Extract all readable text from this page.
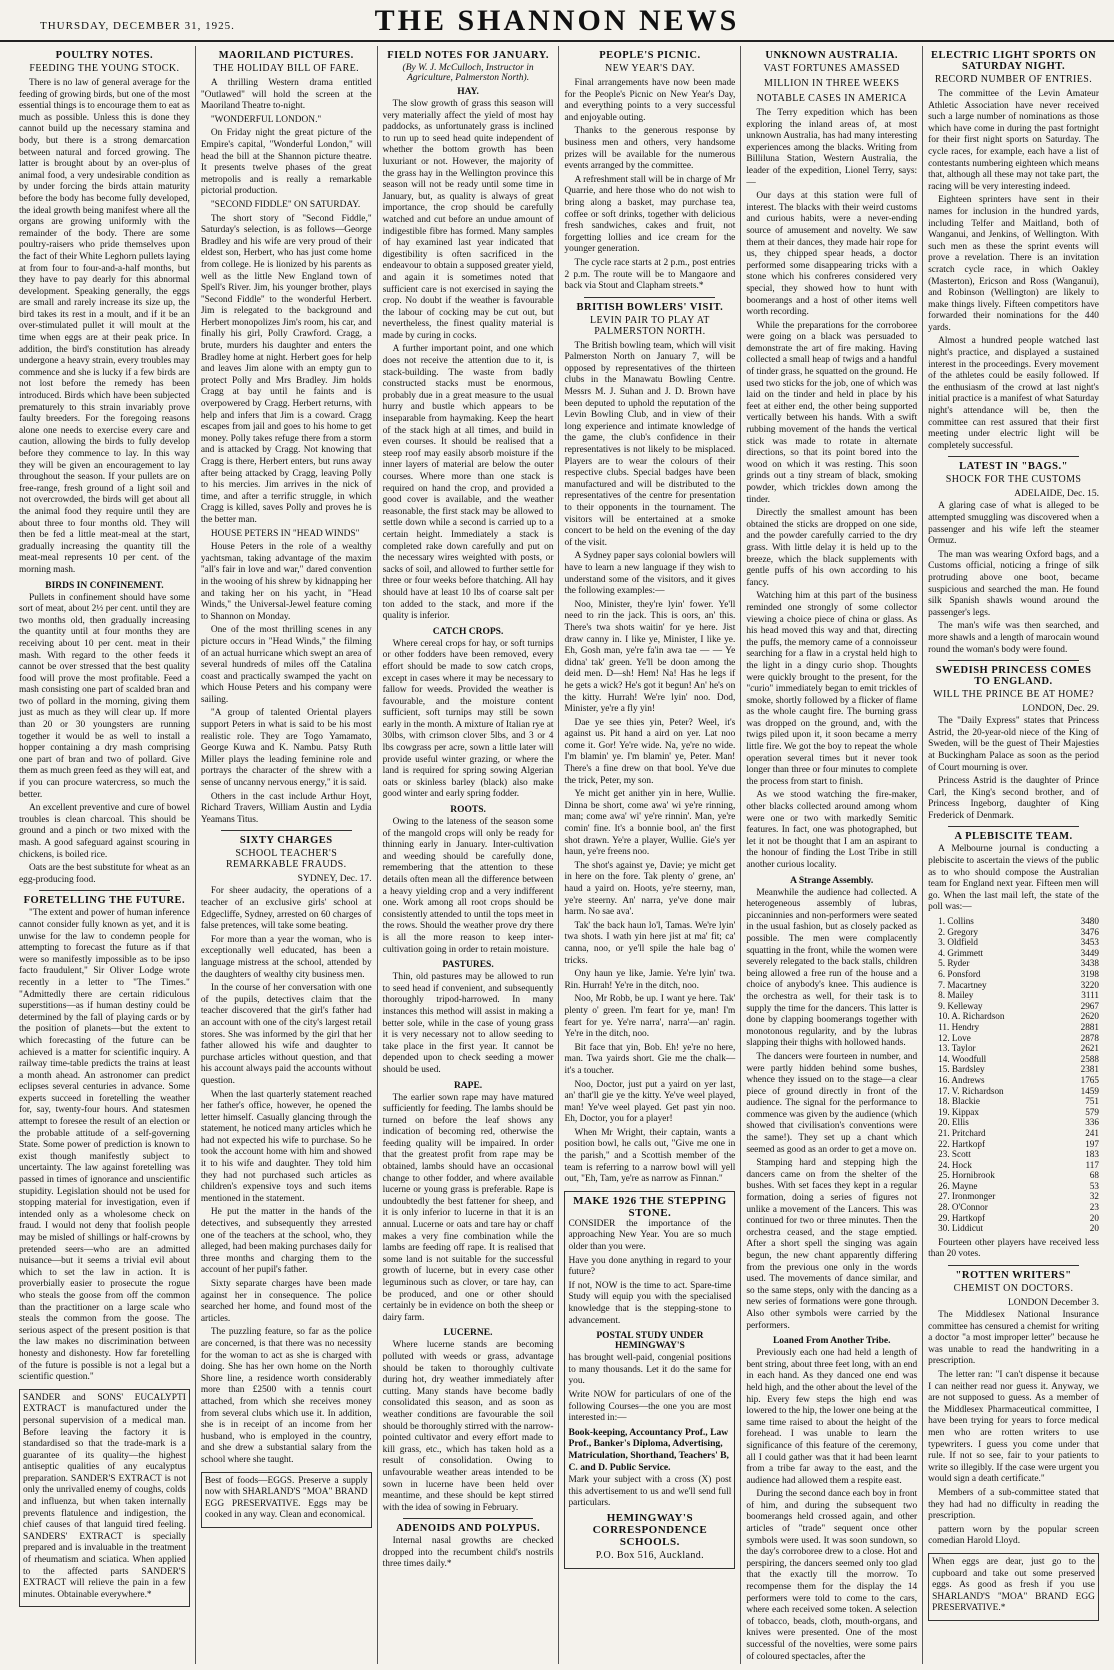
THURSDAY, DECEMBER 31, 1925.	THE SHANNON NEWS
POULTRY NOTES.
FEEDING THE YOUNG STOCK.

There is no law of general average for the feeding of growing birds, but one of the most essential things is to encourage them to eat as much as possible. Unless this is done they cannot build up the necessary stamina and body, but there is a strong demarcation between natural and forced growing. The latter is brought about by an over-plus of animal food, a very undesirable condition as by under forcing the birds attain maturity before the body has become fully developed, the ideal growth being manifest where all the organs are growing uniformly with the remainder of the body. There are some poultry-raisers who pride themselves upon the fact of their White Leghorn pullets laying at from four to four-and-a-half months, but they have to pay dearly for this abnormal development. Speaking generally, the eggs are small and rarely increase its size up, the bird takes its rest in a moult, and if it be an over-stimulated pullet it will moult at the time when eggs are at their peak price. In addition, the bird's constitution has already undergone a heavy strain, every troubles may commence and she is lucky if a few birds are not lost before the remedy has been introduced. Birds which have been subjected prematurely to this strain invariably prove faulty breeders. For the foregoing reasons alone one needs to exercise every care and caution, allowing the birds to fully develop before they commence to lay. In this way they will be given an encouragement to lay throughout the season. If your pullets are on free-range, fresh ground of a light soil and not overcrowded, the birds will get about all the animal food they require until they are about three to four months old. They will then be fed a little meat-meal at the start, gradually increasing the quantity till the meat-meal represents 10 per cent. of the morning mash.

BIRDS IN CONFINEMENT.

Pullets in confinement should have some sort of meat, about 2½ per cent. until they are two months old, then gradually increasing the quantity until at four months they are receiving about 10 per cent. meat in their mash. With regard to the other feeds it cannot be over stressed that the best quality food will prove the most profitable. Feed a mash consisting one part of scalded bran and two of pollard in the morning, giving them just as much as they will clear up. If more than 20 or 30 youngsters are running together it would be as well to install a hopper containing a dry mash comprising one part of bran and two of pollard. Give them as much green feed as they will eat, and if you can procure watercress, so much the better.

An excellent preventive and cure of bowel troubles is clean charcoal. This should be ground and a pinch or two mixed with the mash. A good safeguard against scouring in chickens, is boiled rice.

Oats are the best substitute for wheat as an egg-producing food.

FORETELLING THE FUTURE.

"The extent and power of human inference cannot consider fully known as yet, and it is unwise for the law to condemn people for attempting to forecast the future as if that were so manifestly impossible as to be ipso facto fraudulent," Sir Oliver Lodge wrote recently in a letter to "The Times." "Admittedly there are certain ridiculous superstitions—as if human destiny could be determined by the fall of playing cards or by the position of planets—but the extent to which forecasting of the future can be achieved is a matter for scientific inquiry. A railway time-table predicts the trains at least a month ahead. An astronomer can predict eclipses several centuries in advance. Some experts succeed in foretelling the weather for, say, twenty-four hours. And statesmen attempt to foresee the result of an election or the probable attitude of a self-governing State. Some power of prediction is known to exist though manifestly subject to uncertainty. The law against foretelling was passed in times of ignorance and unscientific stupidity. Legislation should not be used for stopping material for investigation, even if intended only as a wholesome check on fraud. I would not deny that foolish people may be misled of shillings or half-crowns by pretended seers—who are an admitted nuisance—but it seems a trivial evil about which to set the law in action. It is proverbially easier to prosecute the rogue who steals the goose from off the common than the practitioner on a large scale who steals the common from the goose. The serious aspect of the present position is that the law makes no discrimination between honesty and dishonesty. How far foretelling of the future is possible is not a legal but a scientific question."

SANDER and SONS' EUCALYPTI EXTRACT is manufactured under the personal supervision of a medical man. Before leaving the factory it is standardised so that the trade-mark is a guarantee of its quality—the highest antiseptic qualities of any eucalyptus preparation. SANDER'S EXTRACT is not only the unrivalled enemy of coughs, colds and influenza, but when taken internally prevents flatulence and indigestion, the chief causes of that languid tired feeling. SANDERS' EXTRACT is specially prepared and is invaluable in the treatment of rheumatism and sciatica. When applied to the affected parts SANDER'S EXTRACT will relieve the pain in a few minutes. Obtainable everywhere.*

MAORILAND PICTURES.
THE HOLIDAY BILL OF FARE.

A thrilling Western drama entitled "Outlawed" will hold the screen at the Maoriland Theatre to-night.

"WONDERFUL LONDON."

On Friday night the great picture of the Empire's capital, "Wonderful London," will head the bill at the Shannon picture theatre. It presents twelve phases of the great metropolis and is really a remarkable pictorial production.

"SECOND FIDDLE" ON SATURDAY.

The short story of "Second Fiddle," Saturday's selection, is as follows—George Bradley and his wife are very proud of their eldest son, Herbert, who has just come home from college. He is lionized by his parents as well as the little New England town of Spell's River. Jim, his younger brother, plays "Second Fiddle" to the wonderful Herbert. Jim is relegated to the background and Herbert monopolizes Jim's room, his car, and finally his girl, Polly Crawford. Cragg, a brute, murders his daughter and enters the Bradley home at night. Herbert goes for help and leaves Jim alone with an empty gun to protect Polly and Mrs Bradley. Jim holds Cragg at bay until he faints and is overpowered by Cragg. Herbert returns, with help and infers that Jim is a coward. Cragg escapes from jail and goes to his home to get money. Polly takes refuge there from a storm and is attacked by Cragg. Not knowing that Cragg is there, Herbert enters, but runs away after being attacked by Cragg, leaving Polly to his mercies. Jim arrives in the nick of time, and after a terrific struggle, in which Cragg is killed, saves Polly and proves he is the better man.

HOUSE PETERS IN "HEAD WINDS"

House Peters in the role of a wealthy yachtsman, taking advantage of the maxim "all's fair in love and war," dared convention in the wooing of his shrew by kidnapping her and taking her on his yacht, in "Head Winds," the Universal-Jewel feature coming to Shannon on Monday.

One of the most thrilling scenes in any picture occurs in "Head Winds," the filming of an actual hurricane which swept an area of several hundreds of miles off the Catalina coast and practically swamped the yacht on which House Peters and his company were sailing.

"A group of talented Oriental players support Peters in what is said to be his most realistic role. They are Togo Yamamato, George Kuwa and K. Nambu. Patsy Ruth Miller plays the leading feminine role and portrays the character of the shrew with a sense of uncanny nervous energy," it is said.

Others in the cast include Arthur Hoyt, Richard Travers, William Austin and Lydia Yeamans Titus.

SIXTY CHARGES
SCHOOL TEACHER'S REMARKABLE FRAUDS.
SYDNEY, Dec. 17.

For sheer audacity, the operations of a teacher of an exclusive girls' school at Edgecliffe, Sydney, arrested on 60 charges of false pretences, will take some beating.

For more than a year the woman, who is exceptionally well educated, has been a language mistress at the school, attended by the daughters of wealthy city business men.

In the course of her conversation with one of the pupils, detectives claim that the teacher discovered that the girl's father had an account with one of the city's largest retail stores. She was informed by the girl that her father allowed his wife and daughter to purchase articles without question, and that his account always paid the accounts without question.

When the last quarterly statement reached her father's office, however, he opened the letter himself. Casually glancing through the statement, he noticed many articles which he had not expected his wife to purchase. So he took the account home with him and showed it to his wife and daughter. They told him they had not purchased such articles as children's expensive toys and such items mentioned in the statement.

He put the matter in the hands of the detectives, and subsequently they arrested one of the teachers at the school, who, they alleged, had been making purchases daily for three months and charging them to the account of her pupil's father.

Sixty separate charges have been made against her in consequence. The police searched her home, and found most of the articles.

The puzzling feature, so far as the police are concerned, is that there was no necessity for the woman to act as she is charged with doing. She has her own home on the North Shore line, a residence worth considerably more than £2500 with a tennis court attached, from which she receives money from several clubs which use it. In addition, she is in receipt of an income from her husband, who is employed in the country, and she drew a substantial salary from the school where she taught.

Best of foods—EGGS. Preserve a supply now with SHARLAND'S "MOA" BRAND EGG PRESERVATIVE. Eggs may be cooked in any way. Clean and economical.

FIELD NOTES FOR JANUARY.
(By W. J. McCulloch, Instructor in Agriculture, Palmerston North).
HAY.

The slow growth of grass this season will very materially affect the yield of most hay paddocks, as unfortunately grass is inclined to run up to seed head quite independent of whether the bottom growth has been luxuriant or not. However, the majority of the grass hay in the Wellington province this season will not be ready until some time in January, but, as quality is always of great importance, the crop should be carefully watched and cut before an undue amount of indigestible fibre has formed. Many samples of hay examined last year indicated that digestibility is often sacrificed in the endeavour to obtain a supposed greater yield, and again it is sometimes noted that sufficient care is not exercised in saying the crop. No doubt if the weather is favourable the labour of cocking may be cut out, but nevertheless, the finest quality material is made by curing in cocks.

A further important point, and one which does not receive the attention due to it, is stack-building. The waste from badly constructed stacks must be enormous, probably due in a great measure to the usual hurry and bustle which appears to be inseparable from haymaking. Keep the heart of the stack high at all times, and build in even courses. It should be realised that a steep roof may easily absorb moisture if the inner layers of material are below the outer courses. Where more than one stack is required on hand the crop, and provided a good cover is available, and the weather reasonable, the first stack may be allowed to settle down while a second is carried up to a certain height. Immediately a stack is completed rake down carefully and put on the necessary wires weighted with posts, or sacks of soil, and allowed to further settle for three or four weeks before thatching. All hay should have at least 10 lbs of coarse salt per ton added to the stack, and more if the quality is inferior.

CATCH CROPS.

Where cereal crops for hay, or soft turnips or other fodders have been removed, every effort should be made to sow catch crops, except in cases where it may be necessary to fallow for weeds. Provided the weather is favourable, and the moisture content sufficient, soft turnips may still be sown early in the month. A mixture of Italian rye at 30lbs, with crimson clover 5lbs, and 3 or 4 lbs cowgrass per acre, sown a little later will provide useful winter grazing, or where the land is required for spring sowing Algerian oats or skinless barley (black) also make good winter and early spring fodder.

ROOTS.

Owing to the lateness of the season some of the mangold crops will only be ready for thinning early in January. Inter-cultivation and weeding should be carefully done, remembering that the attention to these details often mean all the difference between a heavy yielding crop and a very indifferent one. Work among all root crops should be consistently attended to until the tops meet in the rows. Should the weather prove dry there is all the more reason to keep inter-cultivation going in order to retain moisture.

PASTURES.

Thin, old pastures may be allowed to run to seed head if convenient, and subsequently thoroughly tripod-harrowed. In many instances this method will assist in making a better sole, while in the case of young grass it is very necessary not to allow seeding to take place in the first year. It cannot be depended upon to check seeding a mower should be used.

RAPE.

The earlier sown rape may have matured sufficiently for feeding. The lambs should be turned on before the leaf shows any indication of becoming red, otherwise the feeding quality will be impaired. In order that the greatest profit from rape may be obtained, lambs should have an occasional change to other fodder, and where available lucerne or young grass is preferable. Rape is undoubtedly the best fattener for sheep, and it is only inferior to lucerne in that it is an annual. Lucerne or oats and tare hay or chaff makes a very fine combination while the lambs are feeding off rape. It is realised that some land is not suitable for the successful growth of lucerne, but in every case other leguminous such as clover, or tare hay, can be produced, and one or other should certainly be in evidence on both the sheep or dairy farm.

LUCERNE.

Where lucerne stands are becoming polluted with weeds or grass, advantage should be taken to thoroughly cultivate during hot, dry weather immediately after cutting. Many stands have become badly consolidated this season, and as soon as weather conditions are favourable the soil should be thoroughly stirred with the narrow-pointed cultivator and every effort made to kill grass, etc., which has taken hold as a result of consolidation. Owing to unfavourable weather areas intended to be sown in lucerne have been held over meantime, and these should be kept stirred with the idea of sowing in February.

ADENOIDS AND POLYPUS.

Internal nasal growths are checked dropped into the recumbent child's nostrils three times daily.*

PEOPLE'S PICNIC.
NEW YEAR'S DAY.

Final arrangements have now been made for the People's Picnic on New Year's Day, and everything points to a very successful and enjoyable outing.

Thanks to the generous response by business men and others, very handsome prizes will be available for the numerous events arranged by the committee.

A refreshment stall will be in charge of Mr Quarrie, and here those who do not wish to bring along a basket, may purchase tea, coffee or soft drinks, together with delicious fresh sandwiches, cakes and fruit, not forgetting lollies and ice cream for the younger generation.

The cycle race starts at 2 p.m., post entries 2 p.m. The route will be to Mangaore and back via Stout and Clapham streets.*

BRITISH BOWLERS' VISIT.
LEVIN PAIR TO PLAY AT PALMERSTON NORTH.

The British bowling team, which will visit Palmerston North on January 7, will be opposed by representatives of the thirteen clubs in the Manawatu Bowling Centre. Messrs M. J. Suhan and J. D. Brown have been deputed to uphold the reputation of the Levin Bowling Club, and in view of their long experience and intimate knowledge of the game, the club's confidence in their representatives is not likely to be misplaced. Players are to wear the colours of their respective clubs. Special badges have been manufactured and will be distributed to the representatives of the centre for presentation to their opponents in the tournament. The visitors will be entertained at a smoke concert to be held on the evening of the day of the visit.

A Sydney paper says colonial bowlers will have to learn a new language if they wish to understand some of the visitors, and it gives the following examples:—

Noo, Minister, they're lyin' fower. Ye'll need to rin the jack. This is oors, an' this. There's twa shots waitin' for ye here. Jist draw canny in. I like ye, Minister, I like ye. Eh, Gosh man, ye're fa'in awa tae — — Ye didna' tak' green. Ye'll be doon among the deid men. D—sh! Hem! Na! Has he legs if he gets a wick? He's got it begun! An' he's on the kitty. Hurrah! We're lyin' noo. Dod, Minister, ye're a fly yin!

Dae ye see thies yin, Peter? Weel, it's against us. Pit hand a aird on yer. Lat noo come it. Gor! Ye're wide. Na, ye're no wide. I'm blamin' ye. I'm blamin' ye, Peter. Man! There's a fine drew on that bool. Ye've due the trick, Peter, my son.

Ye micht get anither yin in here, Wullie. Dinna be short, come awa' wi ye're rinning, man; come awa' wi' ye're rinnin'. Man, ye're comin' fine. It's a bonnie bool, an' the first shot drawn. Ye're a player, Wullie. Gie's yer haun, ye're freens noo.

The shot's against ye, Davie; ye micht get in here on the fore. Tak plenty o' grene, an' haud a yaird on. Hoots, ye're steerny, man, ye're steerny. An' narra, ye've done mair harm. No sae ava'.

Tak' the back haun lo'l, Tamas. We're lyin' twa shots. I wath yin here jist at ma' fit; ca' canna, noo, or ye'll spile the hale bag o' tricks.

Ony haun ye like, Jamie. Ye're lyin' twa. Rin. Hurrah! Ye're in the ditch, noo.

Noo, Mr Robb, be up. I want ye here. Tak' plenty o' green. I'm feart for ye, man! I'm feart for ye. Ye're narra', narra'—an' ragin. Ye're in the ditch, noo.

Bit face that yin, Bob. Eh! ye're no here, man. Twa yairds short. Gie me the chalk—it's a toucher.

Noo, Doctor, just put a yaird on yer last, an' that'll gie ye the kitty. Ye've weel played, man! Ye've weel played. Get past yin noo. Eh, Doctor, you for a player!

When Mr Wright, their captain, wants a position bowl, he calls out, "Give me one in the parish," and a Scottish member of the team is referring to a narrow bowl will yell out, "Eh, Tam, ye're as narrow as Finnan."

MAKE 1926 THE STEPPING STONE.

CONSIDER the importance of the approaching New Year. You are so much older than you were.

Have you done anything in regard to your future?

If not, NOW is the time to act. Spare-time Study will equip you with the specialised knowledge that is the stepping-stone to advancement.

POSTAL STUDY UNDER HEMINGWAY'S

has brought well-paid, congenial positions to many thousands. Let it do the same for you.

Write NOW for particulars of one of the following Courses—the one you are most interested in:—

Book-keeping, Accountancy Prof., Law Prof., Banker's Diploma, Advertising, Matriculation, Shorthand, Teachers' B, C. and D. Public Service.

Mark your subject with a cross (X) post this advertisement to us and we'll send full particulars.

HEMINGWAY'S CORRESPONDENCE SCHOOLS.
P.O. Box 516, Auckland.
UNKNOWN AUSTRALIA.
VAST FORTUNES AMASSED
MILLION IN THREE WEEKS
NOTABLE CASES IN AMERICA

The Terry expedition which has been exploring the inland areas of, at most unknown Australia, has had many interesting experiences among the blacks. Writing from Billiluna Station, Western Australia, the leader of the expedition, Lionel Terry, says:—

Our days at this station were full of interest. The blacks with their weird customs and curious habits, were a never-ending source of amusement and novelty. We saw them at their dances, they made hair rope for us, they chipped spear heads, a doctor performed some disappearing tricks with a stone which his confreres considered very special, they showed how to hunt with boomerangs and a host of other items well worth recording.

While the preparations for the corroboree were going on a black was persuaded to demonstrate the art of fire making. Having collected a small heap of twigs and a handful of tinder grass, he squatted on the ground. He used two sticks for the job, one of which was laid on the tinder and held in place by his feet at either end, the other being supported vertically between his hands. With a swift rubbing movement of the hands the vertical stick was made to rotate in alternate directions, so that its point bored into the wood on which it was resting. This soon grinds out a tiny stream of black, smoking powder, which trickles down among the tinder.

Directly the smallest amount has been obtained the sticks are dropped on one side, and the powder carefully carried to the dry grass. With little delay it is held up to the breeze, which the black supplements with gentle puffs of his own according to his fancy.

Watching him at this part of the business reminded one strongly of some collector viewing a choice piece of china or glass. As his head moved this way and that, directing the puffs, the memory came of a connoisseur searching for a flaw in a crystal held high to the light in a dingy curio shop. Thoughts were quickly brought to the present, for the "curio" immediately began to emit trickles of smoke, shortly followed by a flicker of flame as the whole caught fire. The burning grass was dropped on the ground, and, with the twigs piled upon it, it soon became a merry little fire. We got the boy to repeat the whole operation several times but it never took longer than three or four minutes to complete the process from start to finish.

As we stood watching the fire-maker, other blacks collected around among whom were one or two with markedly Semitic features. In fact, one was photographed, but let it not be thought that I am an aspirant to the honour of finding the Lost Tribe in still another curious locality.

A Strange Assembly.

Meanwhile the audience had collected. A heterogeneous assembly of lubras, piccaninnies and non-performers were seated in the usual fashion, but as closely packed as possible. The men were complacently squatting in the front, while the women were severely relegated to the back stalls, children being allowed a free run of the house and a choice of anybody's knee. This audience is the orchestra as well, for their task is to supply the time for the dancers. This latter is done by clapping boomerangs together with monotonous regularity, and by the lubras slapping their thighs with hollowed hands.

The dancers were fourteen in number, and were partly hidden behind some bushes, whence they issued on to the stage—a clear piece of ground directly in front of the audience. The signal for the performance to commence was given by the audience (which showed that civilisation's conventions were the same!). They set up a chant which seemed as good as an order to get a move on.

Stamping hard and stepping high the dancers came on from the shelter of the bushes. With set faces they kept in a regular formation, doing a series of figures not unlike a movement of the Lancers. This was continued for two or three minutes. Then the orchestra ceased, and the stage emptied. After a short spell the singing was again begun, the new chant apparently differing from the previous one only in the words used. The movements of dance similar, and so the same steps, only with the dancing as a new series of formations were gone through. Also other symbols were carried by the performers.

Loaned From Another Tribe.

Previously each one had held a length of bent string, about three feet long, with an end in each hand. As they danced one end was held high, and the other about the level of the hip. Every few steps the high end was lowered to the hip, the lower one being at the same time raised to about the height of the forehead. I was unable to learn the significance of this feature of the ceremony, all I could gather was that it had been learnt from a tribe far away to the east, and the audience had allowed them a respite east.

During the second dance each boy in front of him, and during the subsequent two boomerangs held crossed again, and other articles of "trade" sequent once other symbols were used. It was soon sundown, so the day's corroboree drew to a close. Hot and perspiring, the dancers seemed only too glad that the exactly till the morrow. To recompense them for the display the 14 performers were told to come to the cars, where each received some token. A selection of tobacco, beads, cloth, mouth-organs, and knives were presented. One of the most successful of the novelties, were some pairs of coloured spectacles, after the

ELECTRIC LIGHT SPORTS ON SATURDAY NIGHT.
RECORD NUMBER OF ENTRIES.

The committee of the Levin Amateur Athletic Association have never received such a large number of nominations as those which have come in during the past fortnight for their first night sports on Saturday. The cycle races, for example, each have a list of contestants numbering eighteen which means that, although all these may not take part, the racing will be very interesting indeed.

Eighteen sprinters have sent in their names for inclusion in the hundred yards, including Telfer and Maitland, both of Wanganui, and Jenkins, of Wellington. With such men as these the sprint events will prove a revelation. There is an invitation scratch cycle race, in which Oakley (Masterton), Ericson and Ross (Wanganui), and Robinson (Wellington) are likely to make things lively. Fifteen competitors have forwarded their nominations for the 440 yards.

Almost a hundred people watched last night's practice, and displayed a sustained interest in the proceedings. Every movement of the athletes could be easily followed. If the enthusiasm of the crowd at last night's initial practice is a manifest of what Saturday night's attendance will be, then the committee can rest assured that their first meeting under electric light will be completely successful.

LATEST IN "BAGS."
SHOCK FOR THE CUSTOMS
ADELAIDE, Dec. 15.

A glaring case of what is alleged to be attempted smuggling was discovered when a passenger and his wife left the steamer Ormuz.

The man was wearing Oxford bags, and a Customs official, noticing a fringe of silk protruding above one boot, became suspicious and searched the man. He found silk Spanish shawls wound around the passenger's legs.

The man's wife was then searched, and more shawls and a length of marocain wound round the woman's body were found.

SWEDISH PRINCESS COMES TO ENGLAND.
WILL THE PRINCE BE AT HOME?
LONDON, Dec. 29.

The "Daily Express" states that Princess Astrid, the 20-year-old niece of the King of Sweden, will be the guest of Their Majesties at Buckingham Palace as soon as the period of Court mourning is over.

Princess Astrid is the daughter of Prince Carl, the King's second brother, and of Princess Ingeborg, daughter of King Frederick of Denmark.

A PLEBISCITE TEAM.

A Melbourne journal is conducting a plebiscite to ascertain the views of the public as to who should compose the Australian team for England next year. Fifteen men will go. When the last mail left, the state of the poll was:—

1. Collins	3480
2. Gregory	3476
3. Oldfield	3453
4. Grimmett	3449
5. Ryder	3438
6. Ponsford	3198
7. Macartney	3220
8. Mailey	3111
9. Kelleway	2967
10. A. Richardson	2620
11. Hendry	2881
12. Love	2878
13. Taylor	2621
14. Woodfull	2588
15. Bardsley	2381
16. Andrews	1765
17. V. Richardson	1459
18. Blackie	751
19. Kippax	579
20. Ellis	336
21. Pritchard	241
22. Hartkopf	197
23. Scott	183
24. Hock	117
25. Hornibrook	68
26. Mayne	53
27. Ironmonger	32
28. O'Connor	23
29. Hartkopf	20
30. Liddicut	20

Fourteen other players have received less than 20 votes.

"ROTTEN WRITERS"
CHEMIST ON DOCTORS.
LONDON December 3.

The Middlesex National Insurance committee has censured a chemist for writing a doctor "a most improper letter" because he was unable to read the handwriting in a prescription.

The letter ran: "I can't dispense it because I can neither read nor guess it. Anyway, we are not supposed to guess. As a member of the Middlesex Pharmaceutical committee, I have been trying for years to force medical men who are rotten writers to use typewriters. I guess you come under that rule. If not so see, fair to your patients to write so illegibly. If the case were urgent you would sign a death certificate."

Members of a sub-committee stated that they had had no difficulty in reading the prescription.

pattern worn by the popular screen comedian Harold Lloyd.

When eggs are dear, just go to the cupboard and take out some preserved eggs. As good as fresh if you use SHARLAND'S "MOA" BRAND EGG PRESERVATIVE.*
